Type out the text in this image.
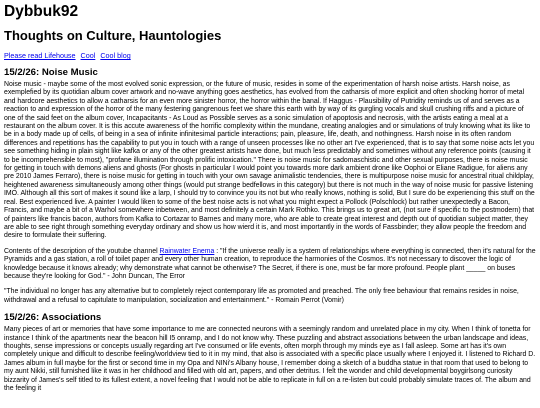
Dybbuk92
Thoughts on Culture, Hauntologies
Please read Lifehouse Cool Cool blog
15/2/26: Noise Music

Noise music - maybe some of the most evolved sonic expression, or the future of music, resides in some of the experimentation of harsh noise artists. Harsh noise, as exemplefied by its quotidian album cover artwork and no-wave anything goes aesthetics, has evolved from the catharsis of more explicit and often shocking horror of metal and hardcore aesthetics to allow a catharsis for an even more sinister horror, the horror within the banal. If Haggus - Plausibility of Putridity reminds us of and serves as a reaction to and expression of the horror of the many festering gangrenous feet we share this earth with by way of its gurgling vocals and skull crushing riffs and a picture of one of the said feet on the album cover, Incapacitants - As Loud as Possible serves as a sonic simulation of apoptosis and necrosis, with the artists eating a meal at a restaurant on the album cover. It is this accute awareness of the horrific complexity within the mundane, creating analogies and or simulations of truly knowing what its like to be in a body made up of cells, of being in a sea of infinite infinitesimal particle interactions; pain, pleasure, life, death, and nothingness. Harsh noise in its often random differences and repetitions has the capability to put you in touch with a range of unseen processes like no other art I've experienced, that is to say that some noise acts let you see something hiding in plain sight like kafka or any of the other greatest artists have done, but much less predictably and sometimes without any reference points (causing it to be incomprehensible to most), "profane illumination through prolific intoxication." There is noise music for sadomaschistic and other sexual purposes, there is noise music for getting in touch with demons aliens and ghosts (For ghosts in particular I would point you towards more dark ambient drone like Oophoi or Eliane Radigue, for aliens any pre 2010 James Ferraro), there is noise music for getting in touch with your own savage animalistic tendencies, there is multipurpose noise music for ancestral ritual childplay, heightened awareness simultaneously among other things (would put strange bedfellows in this category) but there is not much in the way of noise music for passive listening IMO. Although all this sort of makes it sound like a larp, I should try to convince you its not but who really knows, nothing is solid, But I sure do be experiencing this stuff on the real. Best experienced live. A painter I would liken to some of the best noise acts is not what you might expect a Pollock (Polschlock) but rather unexpectedly a Bacon, Francis, and maybe a bit of a Warhol somewhere inbetween, and most definitely a certain Mark Rothko. This brings us to great art, (not sure if specific to the postmodern) that of painters like francis bacon, authors from Kafka to Cortazar to Barnes and many more, who are able to create great interest and depth out of quotidian subject matter, they are able to see right through something everyday ordinary and show us how wierd it is, and most importantly in the words of Fassbinder; they allow people the freedom and desire to formulate their suffering.

Contents of the description of the youtube channel Rainwater Enema : "If the universe really is a system of relationships where everything is connected, then it's natural for the Pyramids and a gas station, a roll of toilet paper and every other human creation, to reproduce the harmonies of the Cosmos. It's not necessary to discover the logic of knowledge because it knows already; why demonstrate what cannot be otherwise? The Secret, if there is one, must be far more profound. People plant _____ on buses because they're looking for God." - John Duncan, The Error

"The individual no longer has any alternative but to completely reject contemporary life as promoted and preached. The only free behaviour that remains resides in noise, withdrawal and a refusal to capitulate to manipulation, socialization and entertainment." - Romain Perrot (Vomir)

15/2/26: Associations

Many pieces of art or memories that have some importance to me are connected neurons with a seemingly random and unrelated place in my city. When I think of tonetta for instance I think of the apartments near the beacon hill I5 onramp, and I do not know why. These puzzling and abstract associations between the urban landscape and ideas, thoughts, sense impressions or concepts usually regarding art I've consumed or life events, often morph through my minds eye as I fall asleep. Some art has it's own completely unique and difficult to describe feeling/worldview tied to it in my mind, that also is associated with a specific place usually where I enjoyed it. I listened to Richard D. James album in full maybe for the first or second time in my Opa and NINi's Albany house, I remember doing a sketch of a buddha statue in that room that used to belong to my aunt Nikki, still furnished like it was in her childhood and filled with old art, papers, and other detritus. I felt the wonder and child developmental boygirlsong curiosity bizzarity of James's self titled to its fullest extent, a novel feeling that I would not be able to replicate in full on a re-listen but could probably simulate traces of. The album and the feeling it
